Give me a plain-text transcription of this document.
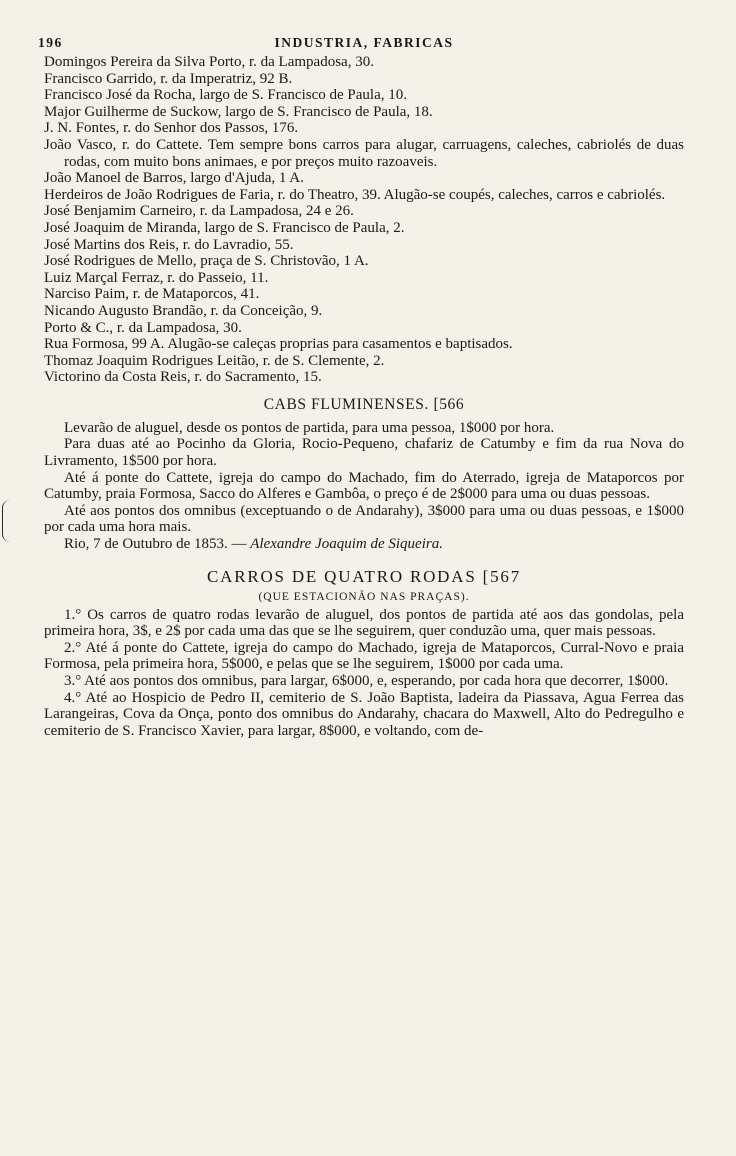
196	INDUSTRIA, FABRICAS
Domingos Pereira da Silva Porto, r. da Lampadosa, 30.
Francisco Garrido, r. da Imperatriz, 92 B.
Francisco José da Rocha, largo de S. Francisco de Paula, 10.
Major Guilherme de Suckow, largo de S. Francisco de Paula, 18.
J. N. Fontes, r. do Senhor dos Passos, 176.
João Vasco, r. do Cattete. Tem sempre bons carros para alugar, carruagens, caleches, cabriolés de duas rodas, com muito bons animaes, e por preços muito razoaveis.
João Manoel de Barros, largo d'Ajuda, 1 A.
Herdeiros de João Rodrigues de Faria, r. do Theatro, 39. Alugão-se coupés, caleches, carros e cabriolés.
José Benjamim Carneiro, r. da Lampadosa, 24 e 26.
José Joaquim de Miranda, largo de S. Francisco de Paula, 2.
José Martins dos Reis, r. do Lavradio, 55.
José Rodrigues de Mello, praça de S. Christovão, 1 A.
Luiz Marçal Ferraz, r. do Passeio, 11.
Narciso Paim, r. de Mataporcos, 41.
Nicando Augusto Brandão, r. da Conceição, 9.
Porto & C., r. da Lampadosa, 30.
Rua Formosa, 99 A. Alugão-se caleças proprias para casamentos e baptisados.
Thomaz Joaquim Rodrigues Leitão, r. de S. Clemente, 2.
Victorino da Costa Reis, r. do Sacramento, 15.
CABS FLUMINENSES. [566
Levarão de aluguel, desde os pontos de partida, para uma pessoa, 1$000 por hora.
Para duas até ao Pocinho da Gloria, Rocio-Pequeno, chafariz de Catumby e fim da rua Nova do Livramento, 1$500 por hora.
Até á ponte do Cattete, igreja do campo do Machado, fim do Aterrado, igreja de Mataporcos por Catumby, praia Formosa, Sacco do Alferes e Gambôa, o preço é de 2$000 para uma ou duas pessoas.
Até aos pontos dos omnibus (exceptuando o de Andarahy), 3$000 para uma ou duas pessoas, e 1$000 por cada uma hora mais.
Rio, 7 de Outubro de 1853. — Alexandre Joaquim de Siqueira.
CARROS DE QUATRO RODAS [567
(QUE ESTACIONÃO NAS PRAÇAS).
1.° Os carros de quatro rodas levarão de aluguel, dos pontos de partida até aos das gondolas, pela primeira hora, 3$, e 2$ por cada uma das que se lhe seguirem, quer conduzão uma, quer mais pessoas.
2.° Até á ponte do Cattete, igreja do campo do Machado, igreja de Mataporcos, Curral-Novo e praia Formosa, pela primeira hora, 5$000, e pelas que se lhe seguirem, 1$000 por cada uma.
3.° Até aos pontos dos omnibus, para largar, 6$000, e, esperando, por cada hora que decorrer, 1$000.
4.° Até ao Hospicio de Pedro II, cemiterio de S. João Baptista, ladeira da Piassava, Agua Ferrea das Larangeiras, Cova da Onça, ponto dos omnibus do Andarahy, chacara do Maxwell, Alto do Pedregulho e cemiterio de S. Francisco Xavier, para largar, 8$000, e voltando, com de-
